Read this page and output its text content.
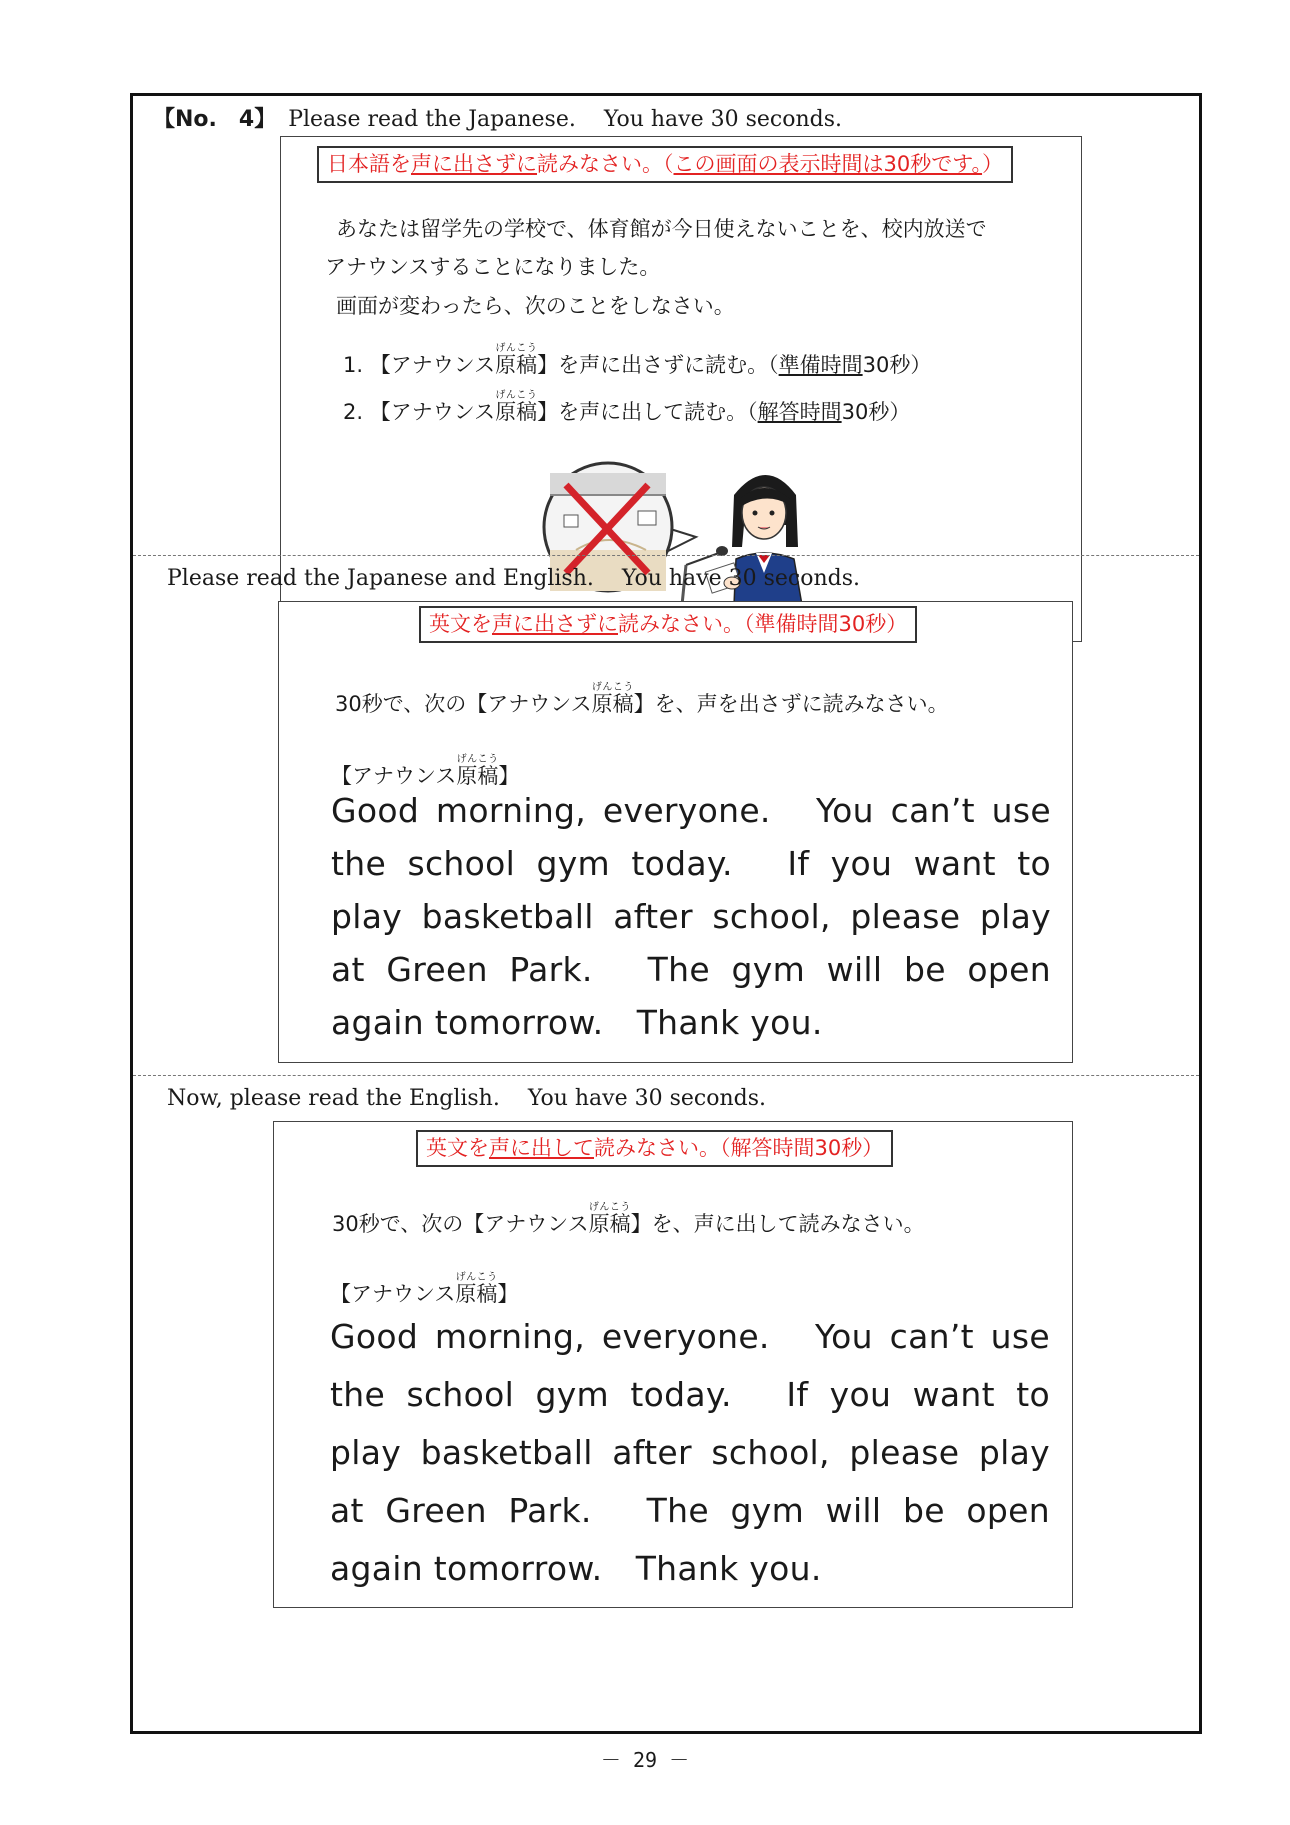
【No.　4】 Please read the Japanese. You have 30 seconds.
日本語を声に出さずに読みなさい。（この画面の表示時間は30秒です。）
あなたは留学先の学校で、体育館が今日使えないことを、校内放送で
アナウンスすることになりました。
画面が変わったら、次のことをしなさい。
1. 【アナウンス原稿げんこう】を声に出さずに読む。（準備時間30秒）
2. 【アナウンス原稿げんこう】を声に出して読む。（解答時間30秒）
Please read the Japanese and English. You have 30 seconds.
英文を声に出さずに読みなさい。（準備時間30秒）
30秒で、次の【アナウンス原稿げんこう】を、声を出さずに読みなさい。
【アナウンス原稿げんこう】
Good morning, everyone.　You can’t use
the school gym today.　If you want to
play basketball after school, please play
at Green Park.　The gym will be open
again tomorrow.　Thank you.
Now, please read the English. You have 30 seconds.
英文を声に出して読みなさい。（解答時間30秒）
30秒で、次の【アナウンス原稿げんこう】を、声に出して読みなさい。
【アナウンス原稿げんこう】
Good morning, everyone.　You can’t use
the school gym today.　If you want to
play basketball after school, please play
at Green Park.　The gym will be open
again tomorrow.　Thank you.
－ 29 －
